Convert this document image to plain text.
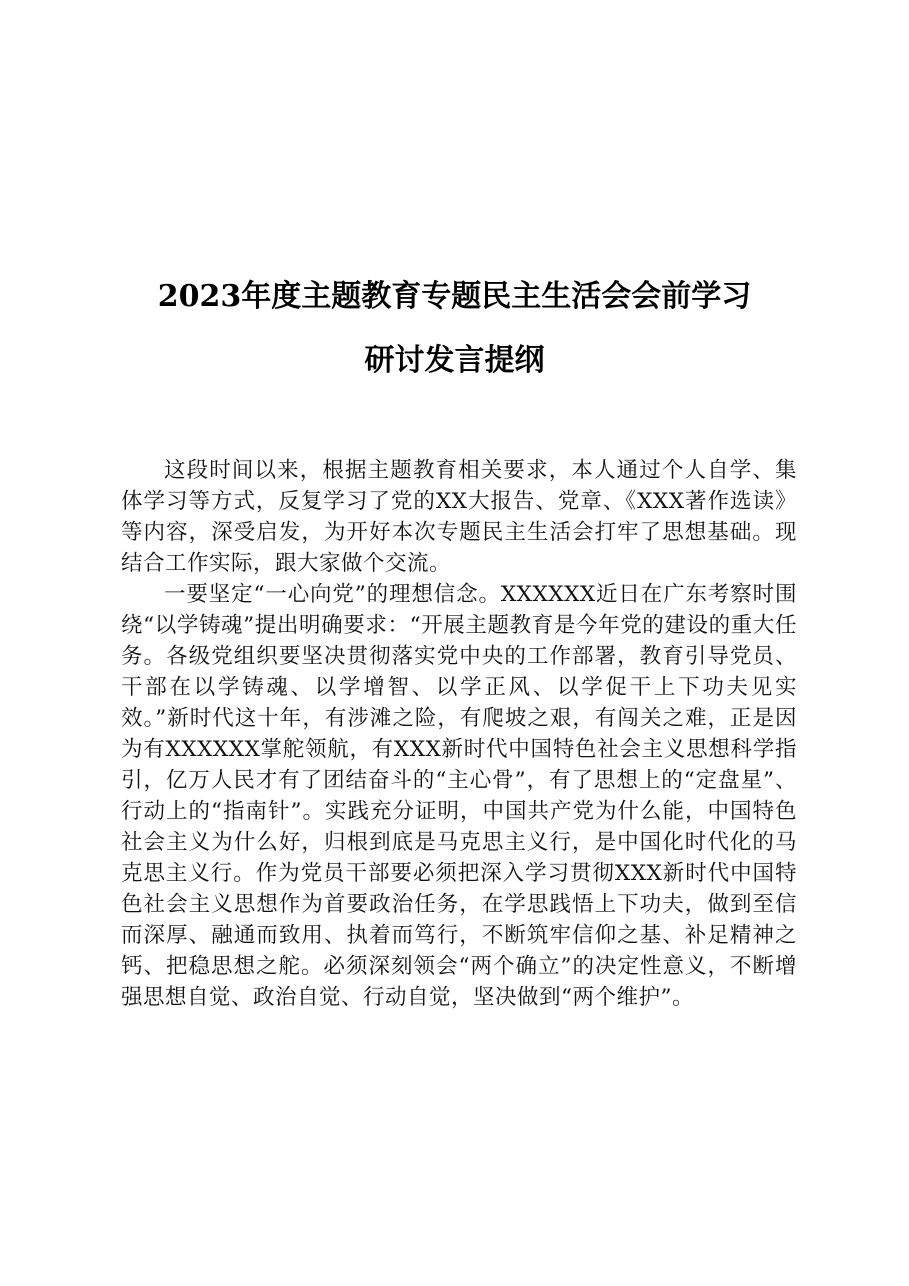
2023年度主题教育专题民主生活会会前学习
研讨发言提纲

这段时间以来，根据主题教育相关要求，本人通过个人自学、集体学习等方式，反复学习了党的XX大报告、党章、《XXX著作选读》等内容，深受启发，为开好本次专题民主生活会打牢了思想基础。现结合工作实际，跟大家做个交流。

一要坚定“一心向党”的理想信念。XXXXXX近日在广东考察时围绕“以学铸魂”提出明确要求：“开展主题教育是今年党的建设的重大任务。各级党组织要坚决贯彻落实党中央的工作部署，教育引导党员、干部在以学铸魂、以学增智、以学正风、以学促干上下功夫见实效。”新时代这十年，有涉滩之险，有爬坡之艰，有闯关之难，正是因为有XXXXXX掌舵领航，有XXX新时代中国特色社会主义思想科学指引，亿万人民才有了团结奋斗的“主心骨”，有了思想上的“定盘星”、行动上的“指南针”。实践充分证明，中国共产党为什么能，中国特色社会主义为什么好，归根到底是马克思主义行，是中国化时代化的马克思主义行。作为党员干部要必须把深入学习贯彻XXX新时代中国特色社会主义思想作为首要政治任务，在学思践悟上下功夫，做到至信而深厚、融通而致用、执着而笃行，不断筑牢信仰之基、补足精神之钙、把稳思想之舵。必须深刻领会“两个确立”的决定性意义，不断增强思想自觉、政治自觉、行动自觉，坚决做到“两个维护”。
